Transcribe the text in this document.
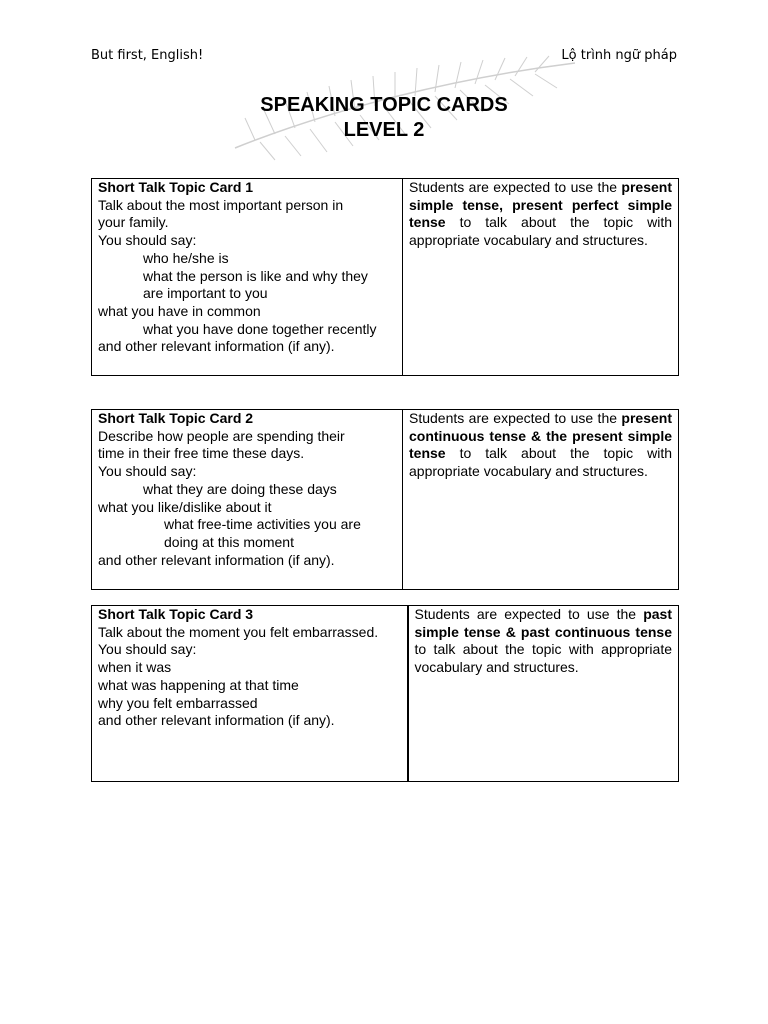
But first, English!	Lộ trình ngữ pháp
SPEAKING TOPIC CARDS
LEVEL 2
Short Talk Topic Card 1
Talk about the most important person in
your family.
You should say:
who he/she is
what the person is like and why they
are important to you
what you have in common
what you have done together recently
and other relevant information (if any).
	Students are expected to use the present simple tense, present perfect simple tense to talk about the topic with appropriate vocabulary and structures.
Short Talk Topic Card 2
Describe how people are spending their
time in their free time these days.
You should say:
what they are doing these days
what you like/dislike about it
what free-time activities you are
doing at this moment
and other relevant information (if any).
	Students are expected to use the present continuous tense & the present simple tense to talk about the topic with appropriate vocabulary and structures.
Short Talk Topic Card 3
Talk about the moment you felt embarrassed.
You should say:
when it was
what was happening at that time
why you felt embarrassed
and other relevant information (if any).
	Students are expected to use the past simple tense & past continuous tense to talk about the topic with appropriate vocabulary and structures.
